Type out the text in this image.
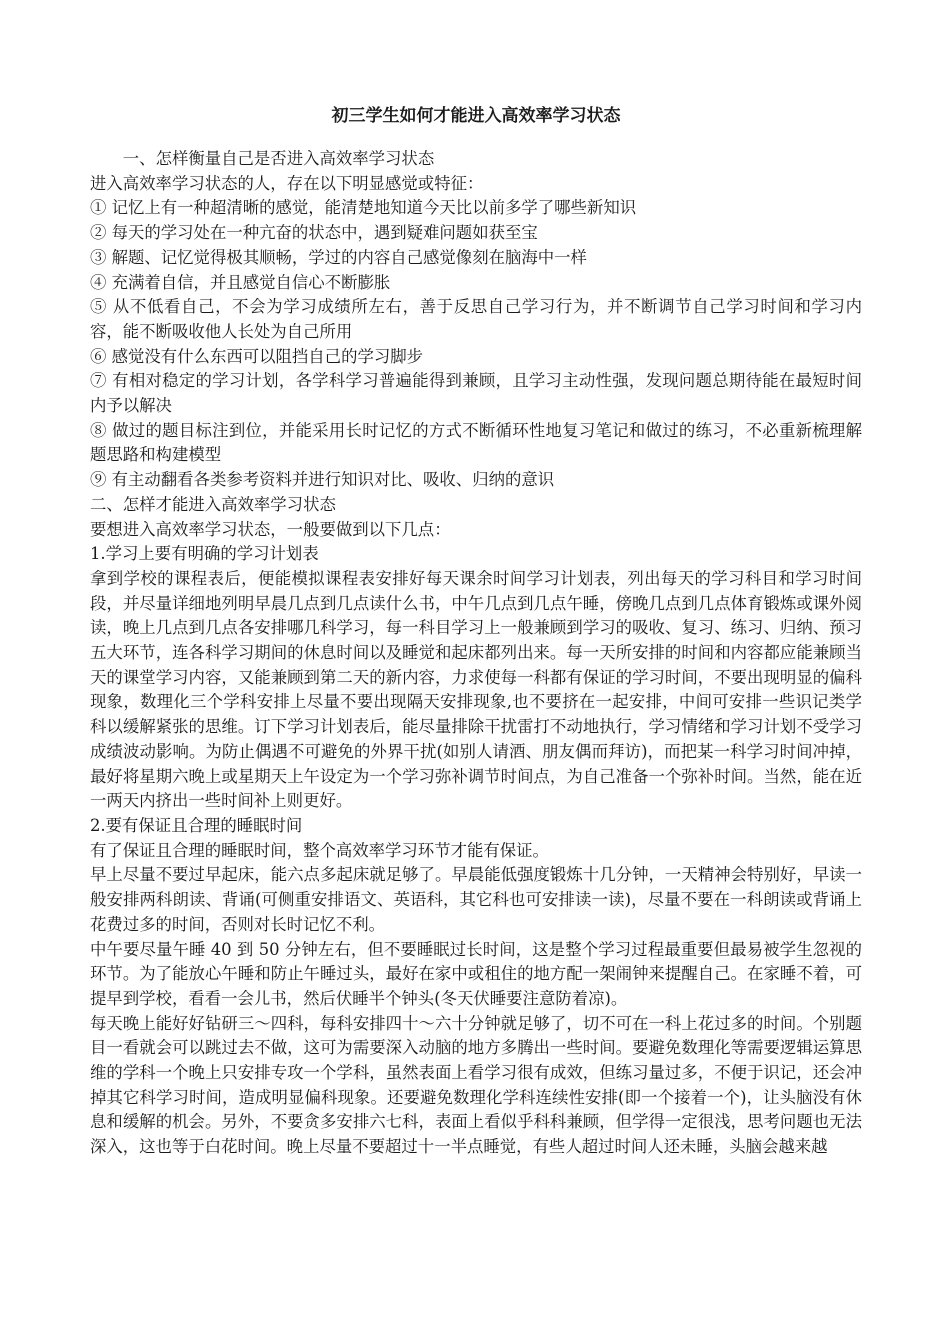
初三学生如何才能进入高效率学习状态

一、怎样衡量自己是否进入高效率学习状态

进入高效率学习状态的人，存在以下明显感觉或特征：

① 记忆上有一种超清晰的感觉，能清楚地知道今天比以前多学了哪些新知识

② 每天的学习处在一种亢奋的状态中，遇到疑难问题如获至宝

③ 解题、记忆觉得极其顺畅，学过的内容自己感觉像刻在脑海中一样

④ 充满着自信，并且感觉自信心不断膨胀

⑤ 从不低看自己，不会为学习成绩所左右，善于反思自己学习行为，并不断调节自己学习时间和学习内容，能不断吸收他人长处为自己所用

⑥ 感觉没有什么东西可以阻挡自己的学习脚步

⑦ 有相对稳定的学习计划，各学科学习普遍能得到兼顾，且学习主动性强，发现问题总期待能在最短时间内予以解决

⑧ 做过的题目标注到位，并能采用长时记忆的方式不断循环性地复习笔记和做过的练习，不必重新梳理解题思路和构建模型

⑨ 有主动翻看各类参考资料并进行知识对比、吸收、归纳的意识

二、怎样才能进入高效率学习状态

要想进入高效率学习状态，一般要做到以下几点：

1.学习上要有明确的学习计划表

拿到学校的课程表后，便能模拟课程表安排好每天课余时间学习计划表，列出每天的学习科目和学习时间段，并尽量详细地列明早晨几点到几点读什么书，中午几点到几点午睡，傍晚几点到几点体育锻炼或课外阅读，晚上几点到几点各安排哪几科学习，每一科目学习上一般兼顾到学习的吸收、复习、练习、归纳、预习五大环节，连各科学习期间的休息时间以及睡觉和起床都列出来。每一天所安排的时间和内容都应能兼顾当天的课堂学习内容，又能兼顾到第二天的新内容，力求使每一科都有保证的学习时间，不要出现明显的偏科现象，数理化三个学科安排上尽量不要出现隔天安排现象,也不要挤在一起安排，中间可安排一些识记类学科以缓解紧张的思维。订下学习计划表后，能尽量排除干扰雷打不动地执行，学习情绪和学习计划不受学习成绩波动影响。为防止偶遇不可避免的外界干扰(如别人请酒、朋友偶而拜访)，而把某一科学习时间冲掉，最好将星期六晚上或星期天上午设定为一个学习弥补调节时间点，为自己准备一个弥补时间。当然，能在近一两天内挤出一些时间补上则更好。

2.要有保证且合理的睡眠时间

有了保证且合理的睡眠时间，整个高效率学习环节才能有保证。

早上尽量不要过早起床，能六点多起床就足够了。早晨能低强度锻炼十几分钟，一天精神会特别好，早读一般安排两科朗读、背诵(可侧重安排语文、英语科，其它科也可安排读一读)，尽量不要在一科朗读或背诵上花费过多的时间，否则对长时记忆不利。

中午要尽量午睡 40 到 50 分钟左右，但不要睡眠过长时间，这是整个学习过程最重要但最易被学生忽视的环节。为了能放心午睡和防止午睡过头，最好在家中或租住的地方配一架闹钟来提醒自己。在家睡不着，可提早到学校，看看一会儿书，然后伏睡半个钟头(冬天伏睡要注意防着凉)。

每天晚上能好好钻研三～四科，每科安排四十～六十分钟就足够了，切不可在一科上花过多的时间。个别题目一看就会可以跳过去不做，这可为需要深入动脑的地方多腾出一些时间。要避免数理化等需要逻辑运算思维的学科一个晚上只安排专攻一个学科，虽然表面上看学习很有成效，但练习量过多，不便于识记，还会冲掉其它科学习时间，造成明显偏科现象。还要避免数理化学科连续性安排(即一个接着一个)，让头脑没有休息和缓解的机会。另外，不要贪多安排六七科，表面上看似乎科科兼顾，但学得一定很浅，思考问题也无法深入，这也等于白花时间。晚上尽量不要超过十一半点睡觉，有些人超过时间人还未睡，头脑会越来越
